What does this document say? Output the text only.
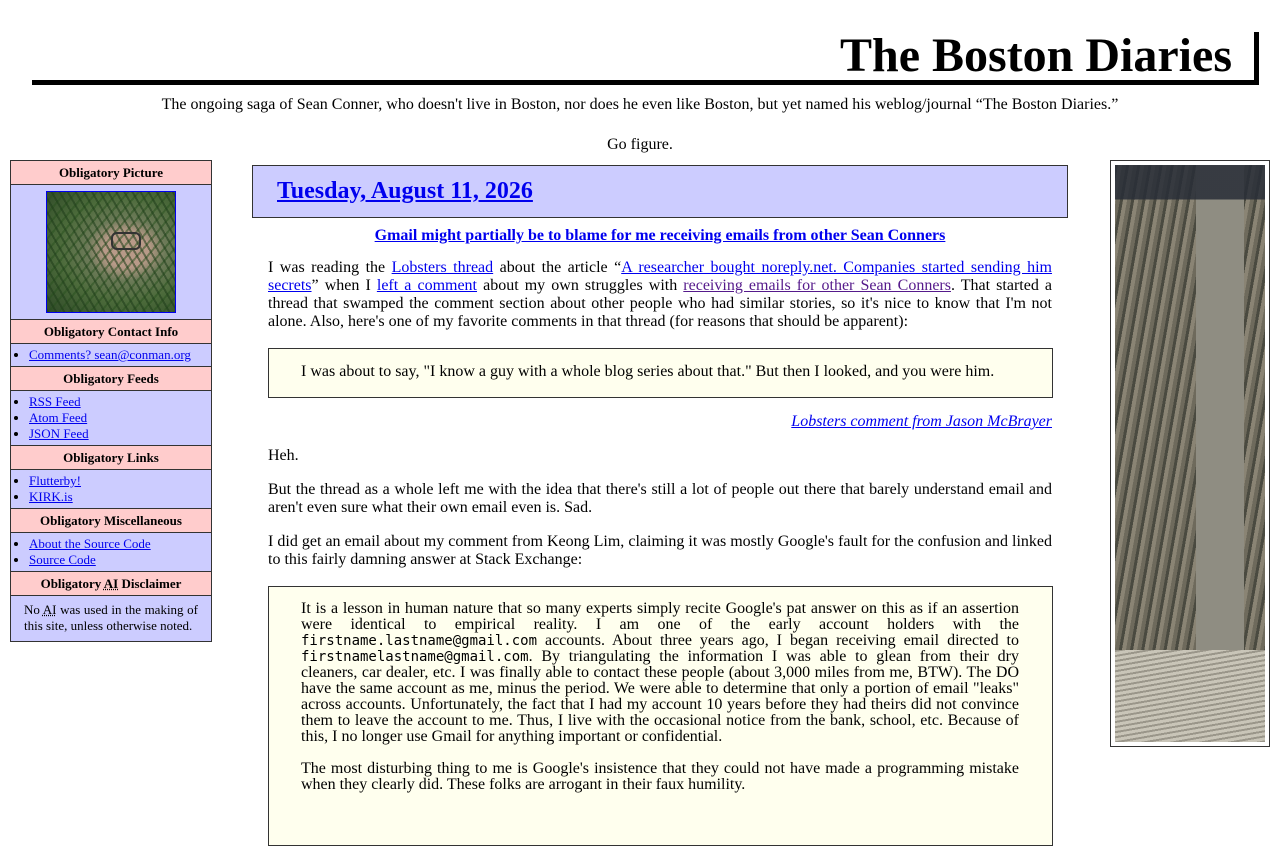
The Boston Diaries
The ongoing saga of Sean Conner, who doesn't live in Boston, nor does he even like Boston, but yet named his weblog/journal “The Boston Diaries.”
Go figure.
Obligatory Picture
Obligatory Contact Info
• Comments? sean@conman.org
Obligatory Feeds
• RSS Feed
• Atom Feed
• JSON Feed
Obligatory Links
• Flutterby!
• KIRK.is
Obligatory Miscellaneous
• About the Source Code
• Source Code
Obligatory AI Disclaimer
No AI was used in the making of this site, unless otherwise noted.
Tuesday, August 11, 2026
Gmail might partially be to blame for me receiving emails from other Sean Conners

I was reading the Lobsters thread about the article “A researcher bought noreply.net. Companies started sending him secrets” when I left a comment about my own struggles with receiving emails for other Sean Conners. That started a thread that swamped the comment section about other people who had similar stories, so it's nice to know that I'm not alone. Also, here's one of my favorite comments in that thread (for reasons that should be apparent):

I was about to say, "I know a guy with a whole blog series about that." But then I looked, and you were him.

Lobsters comment from Jason McBrayer

Heh.

But the thread as a whole left me with the idea that there's still a lot of people out there that barely understand email and aren't even sure what their own email even is. Sad.

I did get an email about my comment from Keong Lim, claiming it was mostly Google's fault for the confusion and linked to this fairly damning answer at Stack Exchange:

It is a lesson in human nature that so many experts simply recite Google's pat answer on this as if an assertion were identical to empirical reality. I am one of the early account holders with the firstname.lastname@gmail.com accounts. About three years ago, I began receiving email directed to firstnamelastname@gmail.com. By triangulating the information I was able to glean from their dry cleaners, car dealer, etc. I was finally able to contact these people (about 3,000 miles from me, BTW). The DO have the same account as me, minus the period. We were able to determine that only a portion of email "leaks" across accounts. Unfortunately, the fact that I had my account 10 years before they had theirs did not convince them to leave the account to me. Thus, I live with the occasional notice from the bank, school, etc. Because of this, I no longer use Gmail for anything important or confidential.

The most disturbing thing to me is Google's insistence that they could not have made a programming mistake when they clearly did. These folks are arrogant in their faux humility.
